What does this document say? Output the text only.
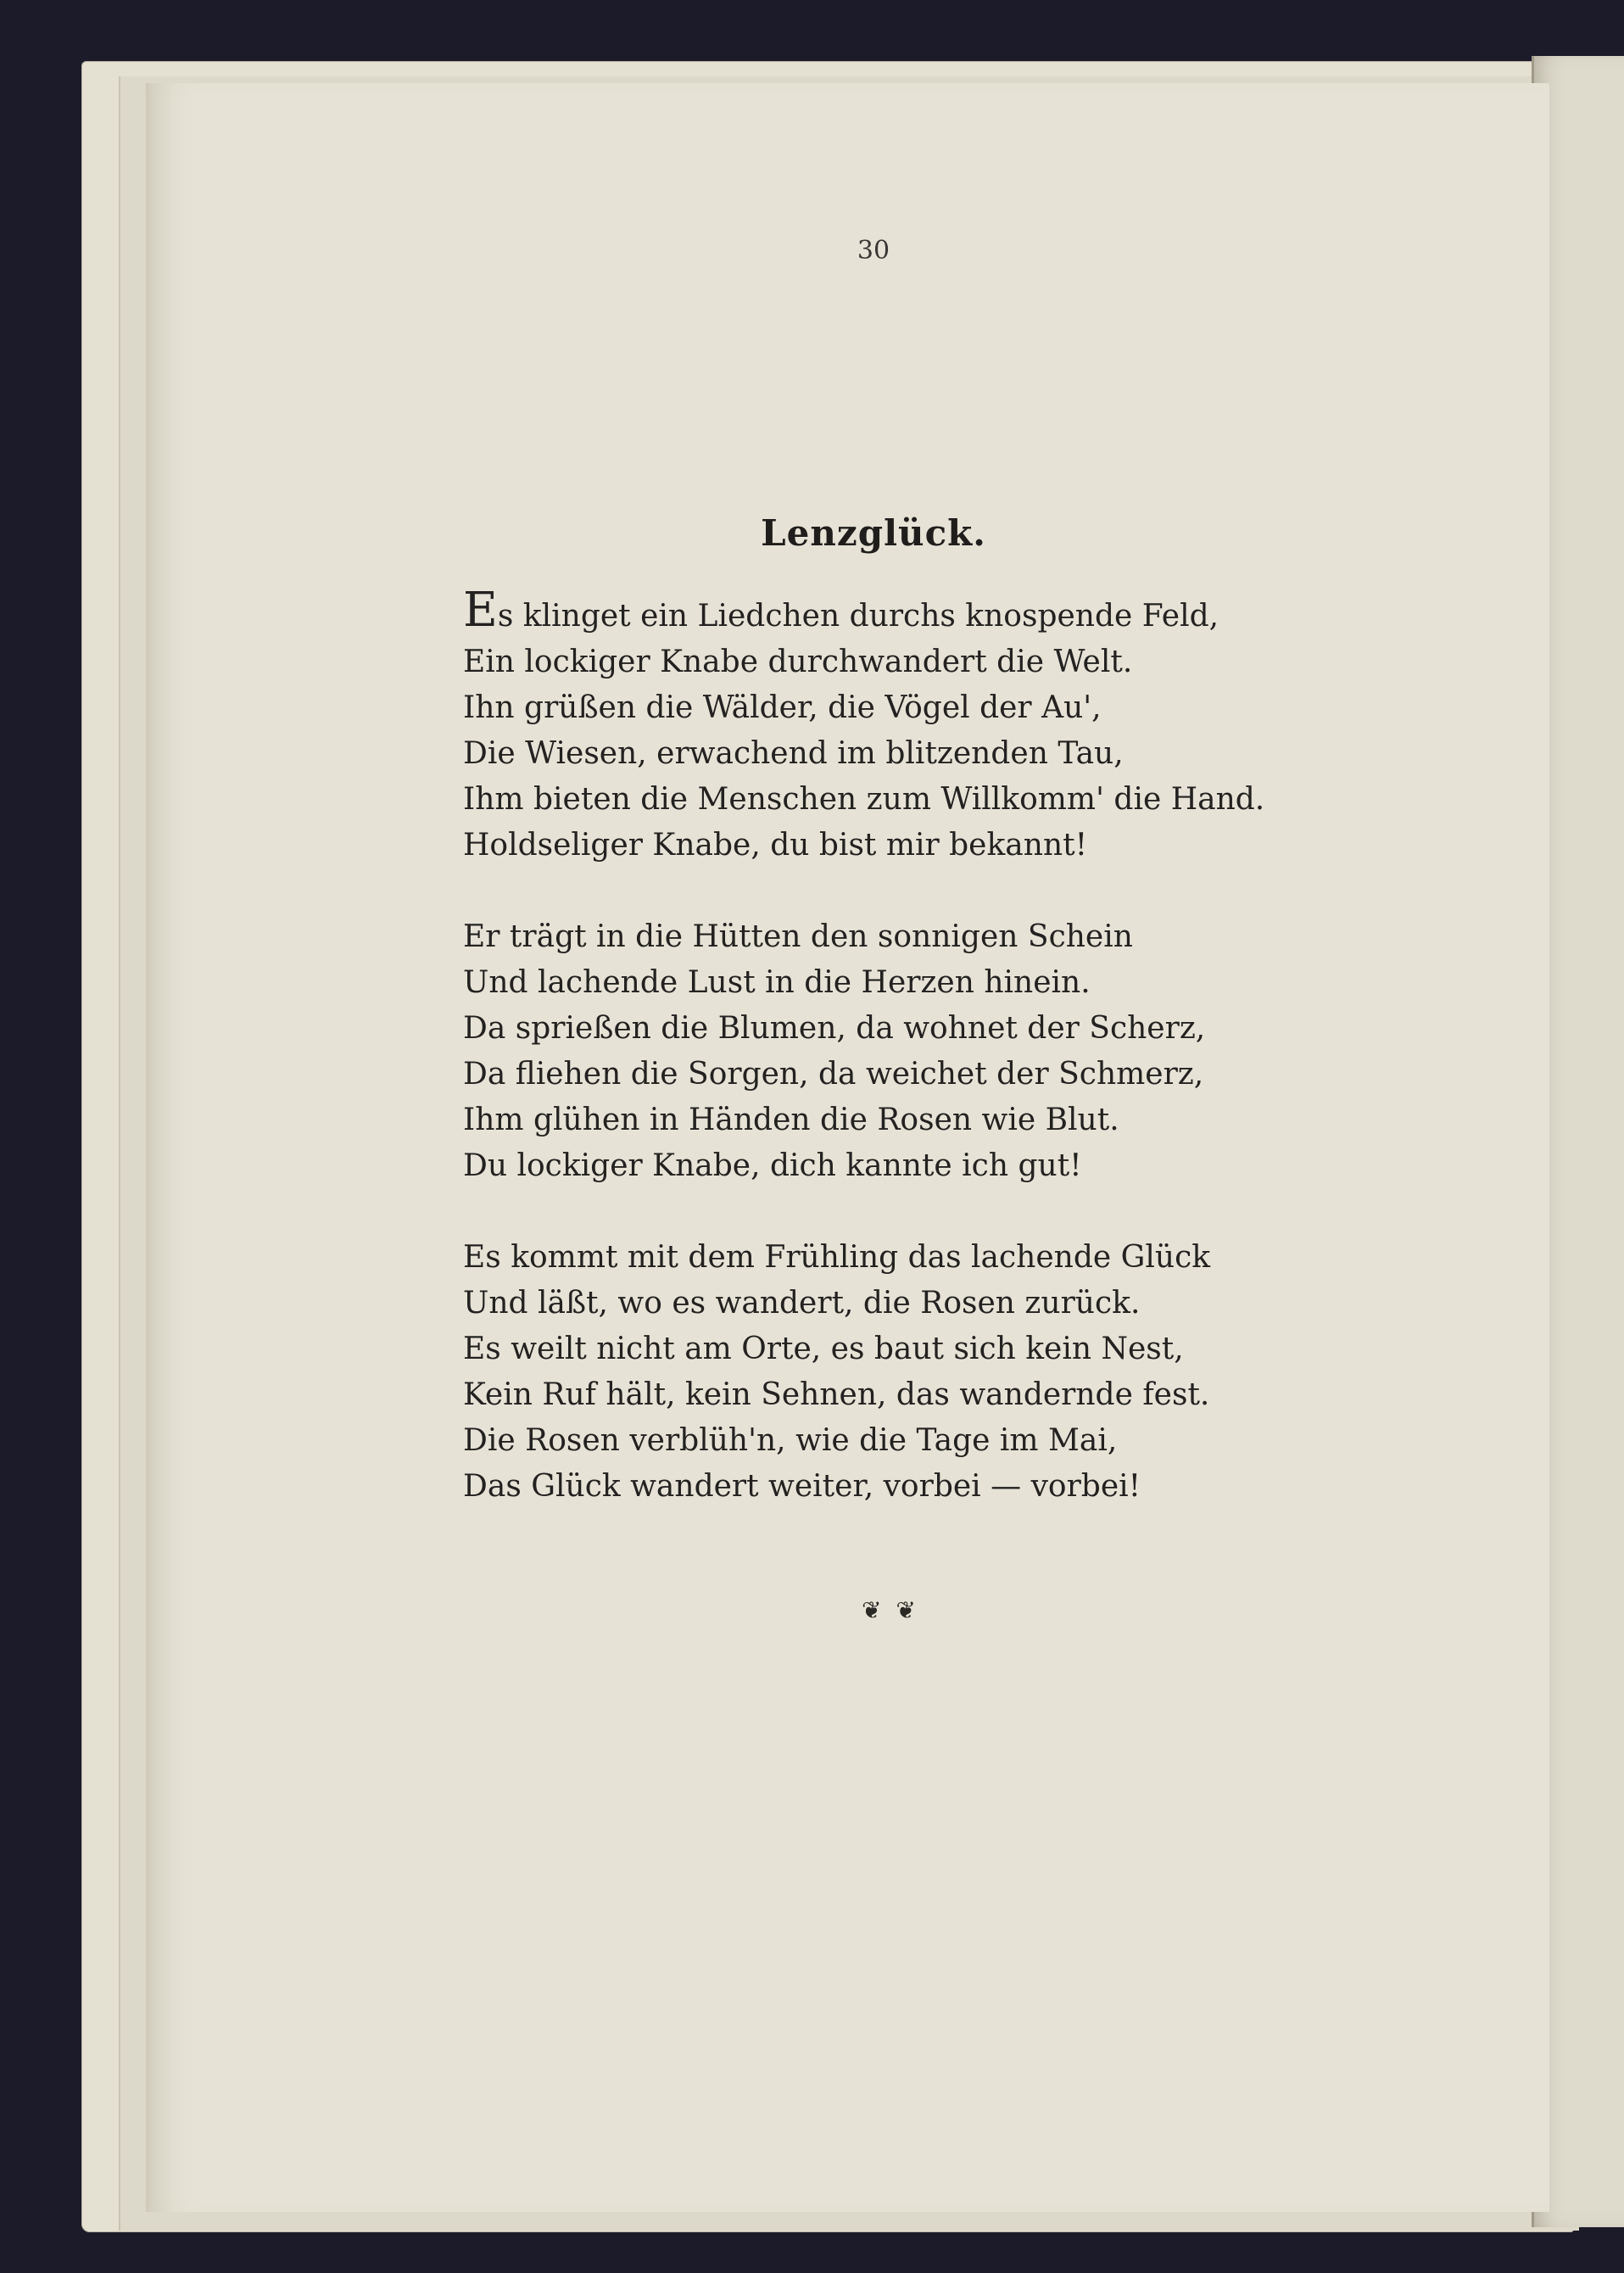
30
Lenzglück.
Es klinget ein Liedchen durchs knospende Feld,
Ein lockiger Knabe durchwandert die Welt.
Ihn grüßen die Wälder, die Vögel der Au',
Die Wiesen, erwachend im blitzenden Tau,
Ihm bieten die Menschen zum Willkomm' die Hand.
Holdseliger Knabe, du bist mir bekannt!
Er trägt in die Hütten den sonnigen Schein
Und lachende Lust in die Herzen hinein.
Da sprießen die Blumen, da wohnet der Scherz,
Da fliehen die Sorgen, da weichet der Schmerz,
Ihm glühen in Händen die Rosen wie Blut.
Du lockiger Knabe, dich kannte ich gut!
Es kommt mit dem Frühling das lachende Glück
Und läßt, wo es wandert, die Rosen zurück.
Es weilt nicht am Orte, es baut sich kein Nest,
Kein Ruf hält, kein Sehnen, das wandernde fest.
Die Rosen verblüh'n, wie die Tage im Mai,
Das Glück wandert weiter, vorbei — vorbei!
❦ ❦
